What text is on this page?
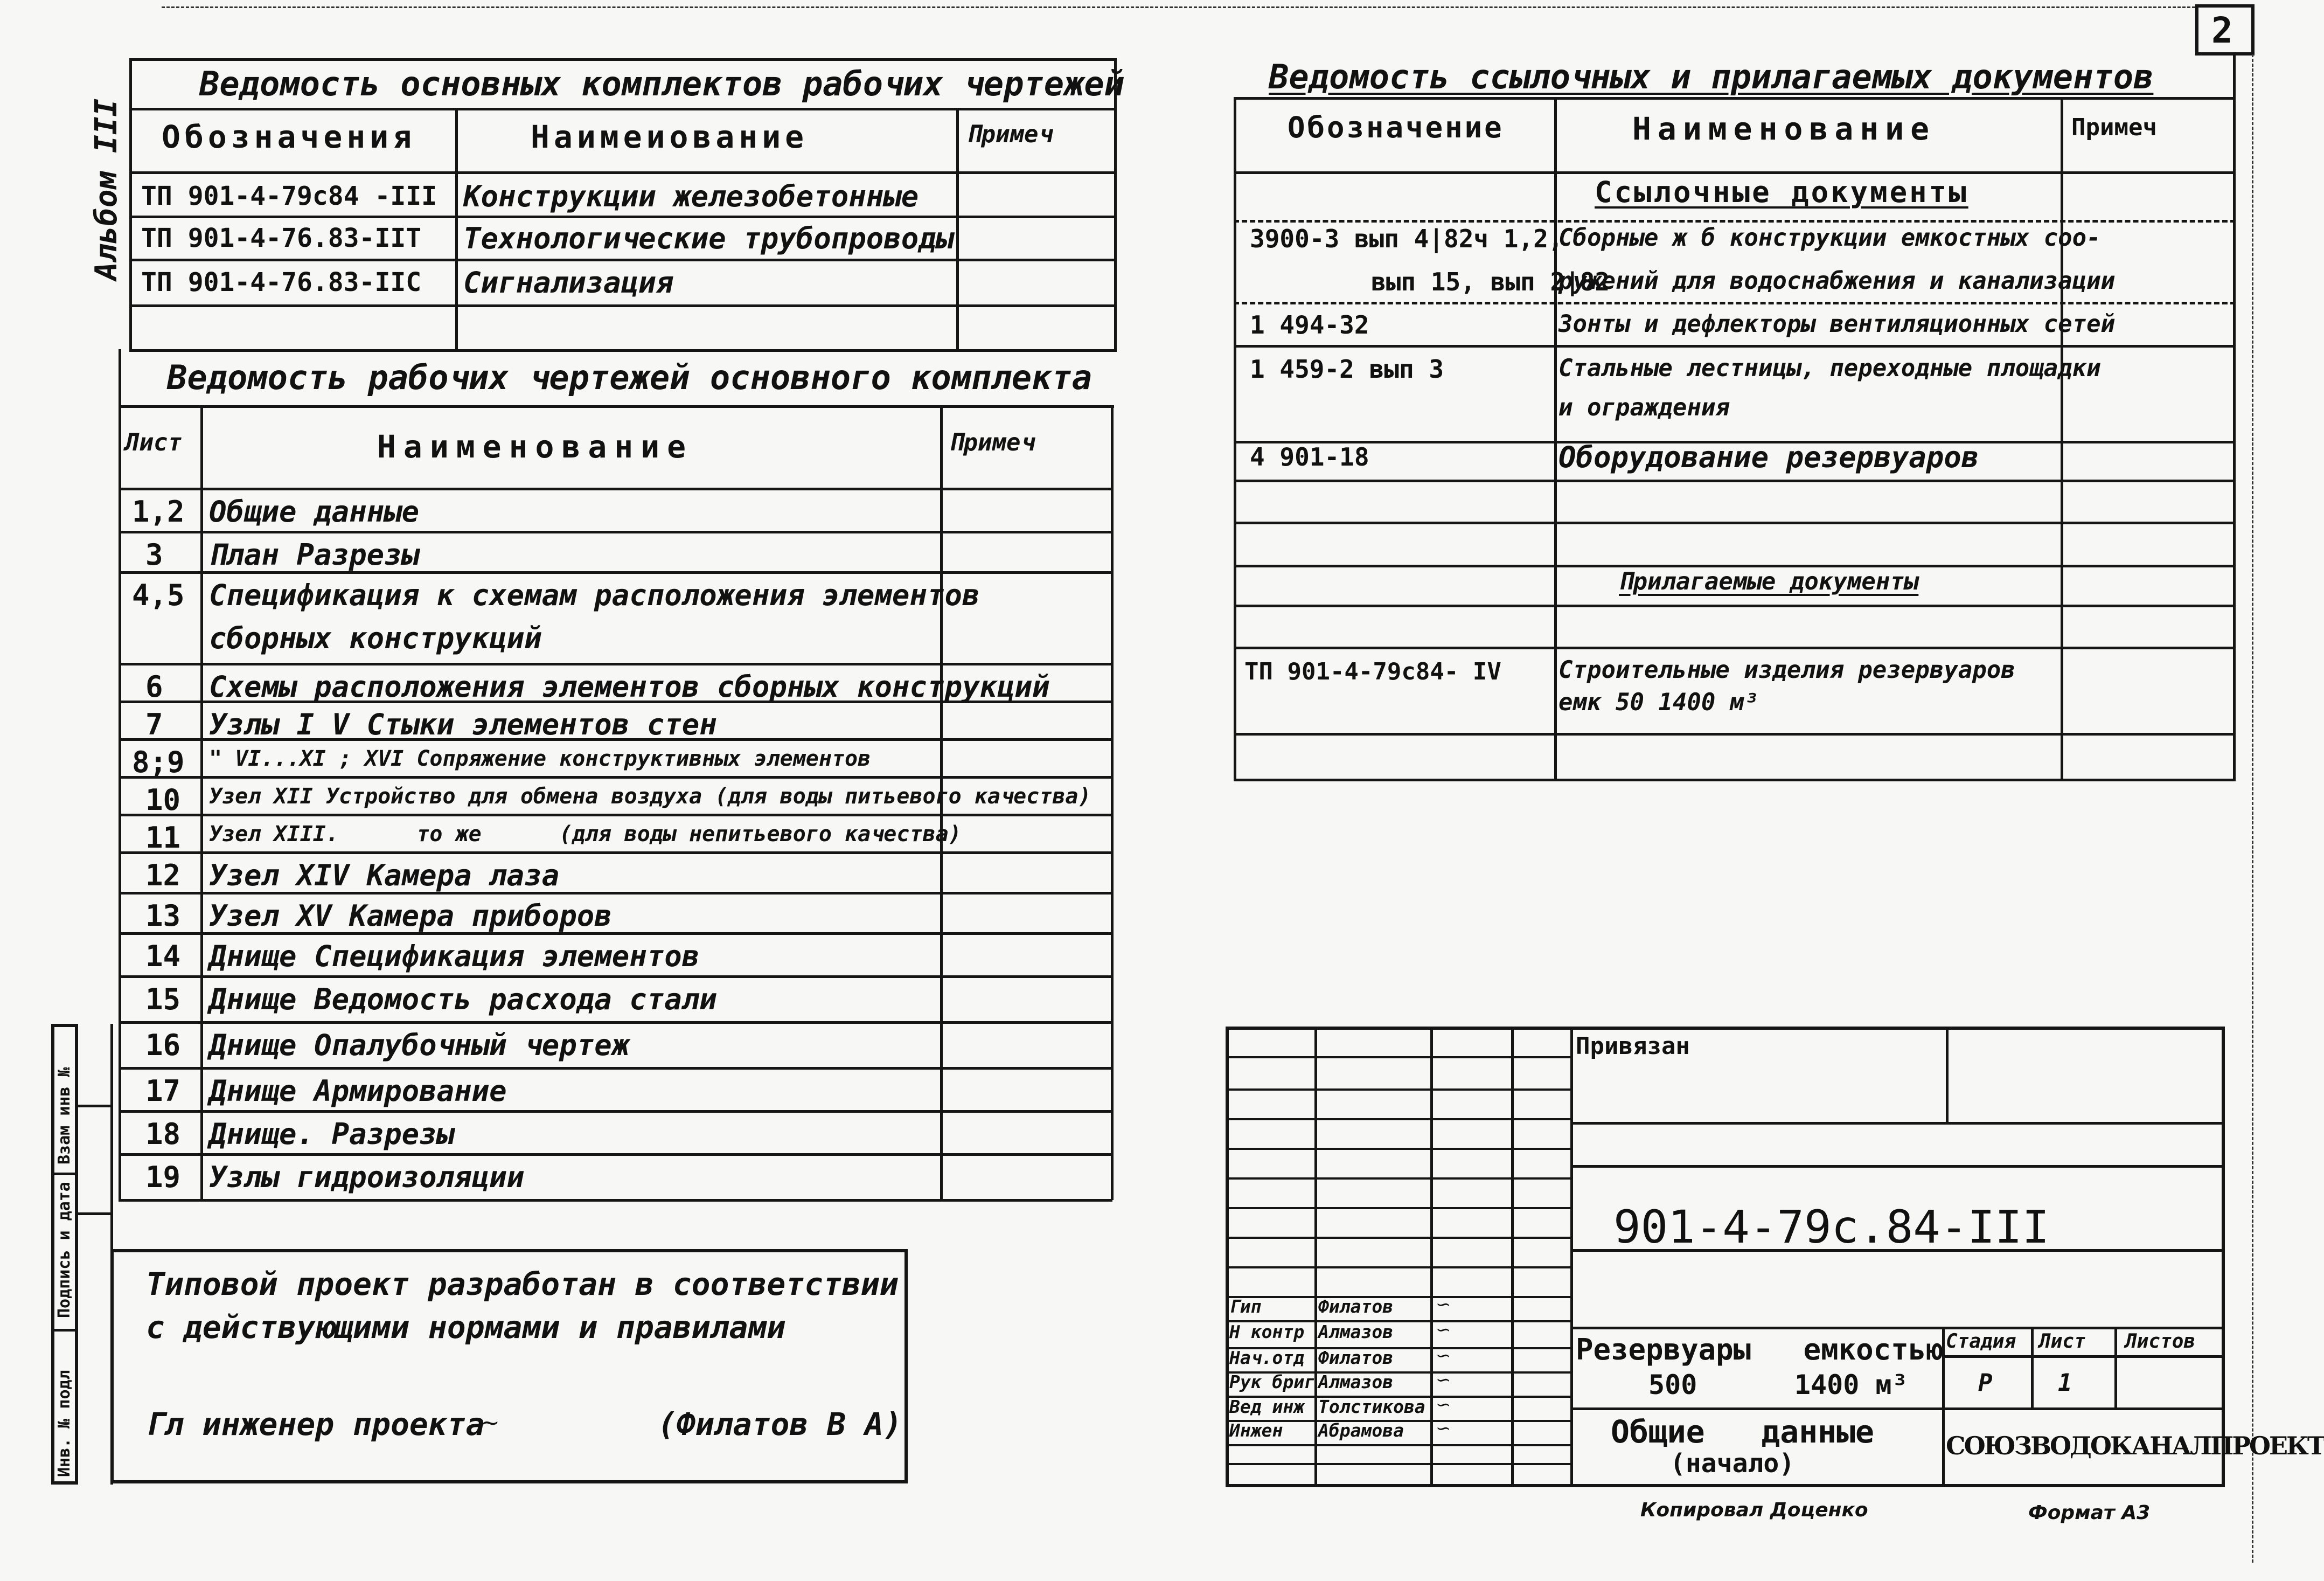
2
Альбом III
Ведомость основных комплектов рабочих чертежей
Обозначения	Наимеиование	Примеч
ТП 901-4-79с84 -III Конструкции железобетонные
ТП 901-4-76.83-IIТ Технологические трубопроводы
ТП 901-4-76.83-IIС Сигнализация
Ведомость рабочих чертежей основного комплекта
Лист	Наименование	Примеч
1,2 Общие данные
3 План Разрезы
4,5 Спецификация к схемам расположения элементов
сборных конструкций
6 Схемы расположения элементов сборных конструкций
7 Узлы I V Стыки элементов стен
8;9 " VI...XI ; XVI Сопряжение конструктивных элементов
10 Узел XII Устройство для обмена воздуха (для воды питьевого качества)
11 Узел XIII.      то же      (для воды непитьевого качества)
12 Узел XIV Камера лаза
13 Узел XV Камера приборов
14 Днище Спецификация элементов
15 Днище Ведомость расхода стали
16 Днище Опалубочный чертеж
17 Днище Армирование
18 Днище. Разрезы
19 Узлы гидроизоляции
Типовой проект разработан в соответствии
с действующими нормами и правилами
Гл инженер проекта
~	(Филатов В А)
Взам инв №
Подпись и дата
Инв. № подл
Ведомость ссылочных и прилагаемых документов
Обозначение	Наименование	Примеч
Ссылочные документы
3900-3 вып 4|82ч 1,2,
вып 15, вып 2|82
Сборные ж б конструкции емкостных соо-
ружений для водоснабжения и канализации
1 494-32	Зонты и дефлекторы вентиляционных сетей
1 459-2 вып 3	Стальные лестницы, переходные площадки
и ограждения
4 901-18	Оборудование резервуаров
Прилагаемые документы
ТП 901-4-79с84- IV Строительные изделия резервуаров
емк 50 1400 м³
Гип	Филатов ∽
Н контр Алмазов ∽
Нач.отд Филатов ∽
Рук бриг Алмазов ∽
Вед инж Толстикова ∽
Инжен Абрамова ∽
Привязан
901-4-79с.84-III
Резервуары   емкостью
500      1400 м³
Общие   данные
(начало)
Стадия Лист Листов
Р	1
СОЮЗВОДОКАНАЛПРОЕКТ
Копировал Доценко	Формат А3
